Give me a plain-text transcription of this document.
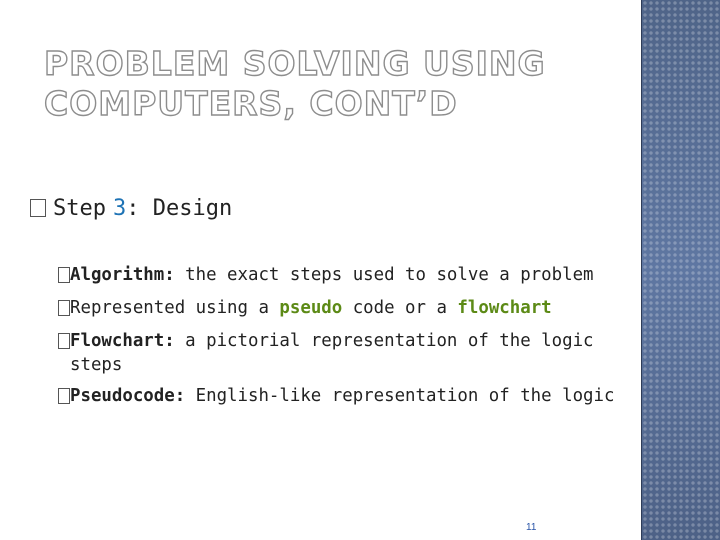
PROBLEM SOLVING USING
COMPUTERS, CONT’D
Step 3 : Design
Algorithm: the exact steps used to solve a problem
Represented using a pseudo code or a flowchart
Flowchart: a pictorial representation of the logic
steps
Pseudocode: English-like representation of the logic
11
